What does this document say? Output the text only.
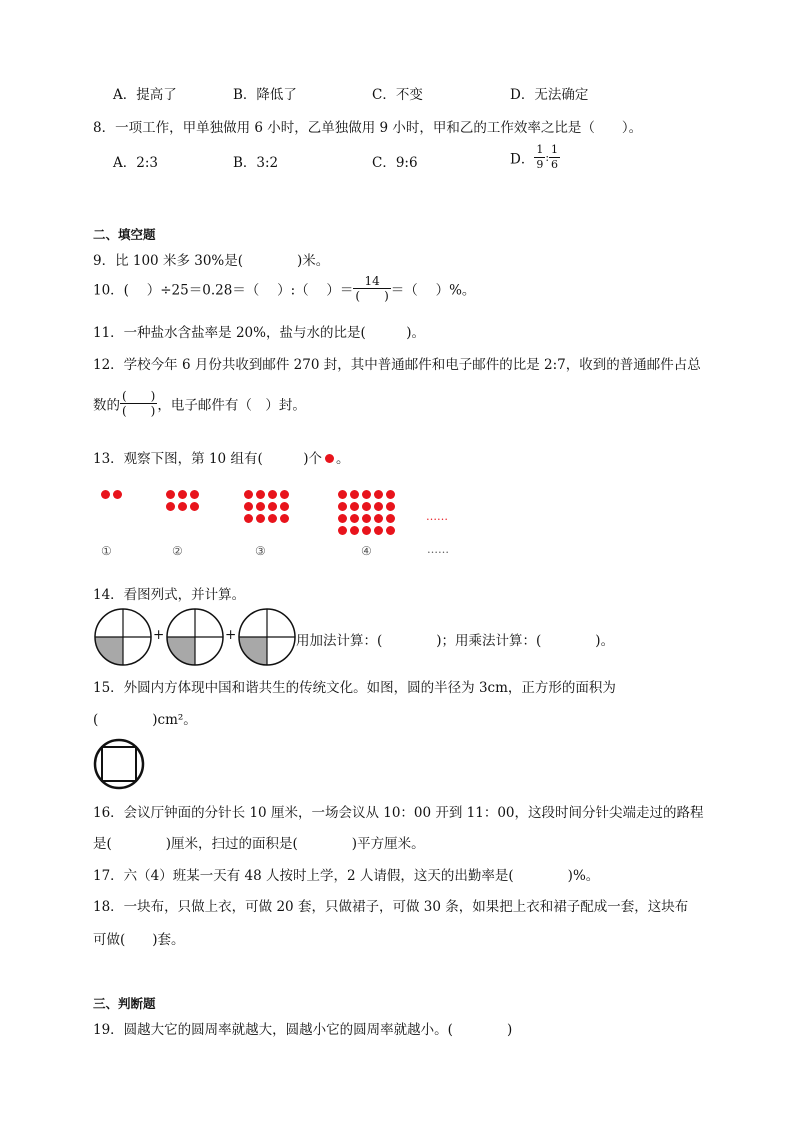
A．提高了	B．降低了	C．不变	D．无法确定
8．一项工作，甲单独做用 6 小时，乙单独做用 9 小时，甲和乙的工作效率之比是（　　）。
A．2:3	B．3:2	C．9:6	D． $\frac{1}{9}$ : $\frac{1}{6}$
二、填空题
9．比 100 米多 30%是(　　　　)米。
10．(　 ）÷25＝0.28＝（　 ）:（　 ）＝ $\frac{14}{( )}$ ＝（　 ）%。
11．一种盐水含盐率是 20%，盐与水的比是(　　　)。
12．学校今年 6 月份共收到邮件 270 封，其中普通邮件和电子邮件的比是 2:7，收到的普通邮件占总
数的 $\frac{( )}{( )}$ ，电子邮件有（　）封。
13．观察下图，第 10 组有(　　　)个 。
……
①	②	③	④	……
14．看图列式，并计算。
+	+	用加法计算：(　　　　)；用乘法计算：(　　　　)。
15．外圆内方体现中国和谐共生的传统文化。如图，圆的半径为 3cm，正方形的面积为
(　　　　)cm²。
16．会议厅钟面的分针长 10 厘米，一场会议从 10：00 开到 11：00，这段时间分针尖端走过的路程
是(　　　　)厘米，扫过的面积是(　　　　)平方厘米。
17．六（4）班某一天有 48 人按时上学，2 人请假，这天的出勤率是(　　　　)%。
18．一块布，只做上衣，可做 20 套，只做裙子，可做 30 条，如果把上衣和裙子配成一套，这块布
可做(　　)套。
三、判断题
19．圆越大它的圆周率就越大，圆越小它的圆周率就越小。(　　　　)
